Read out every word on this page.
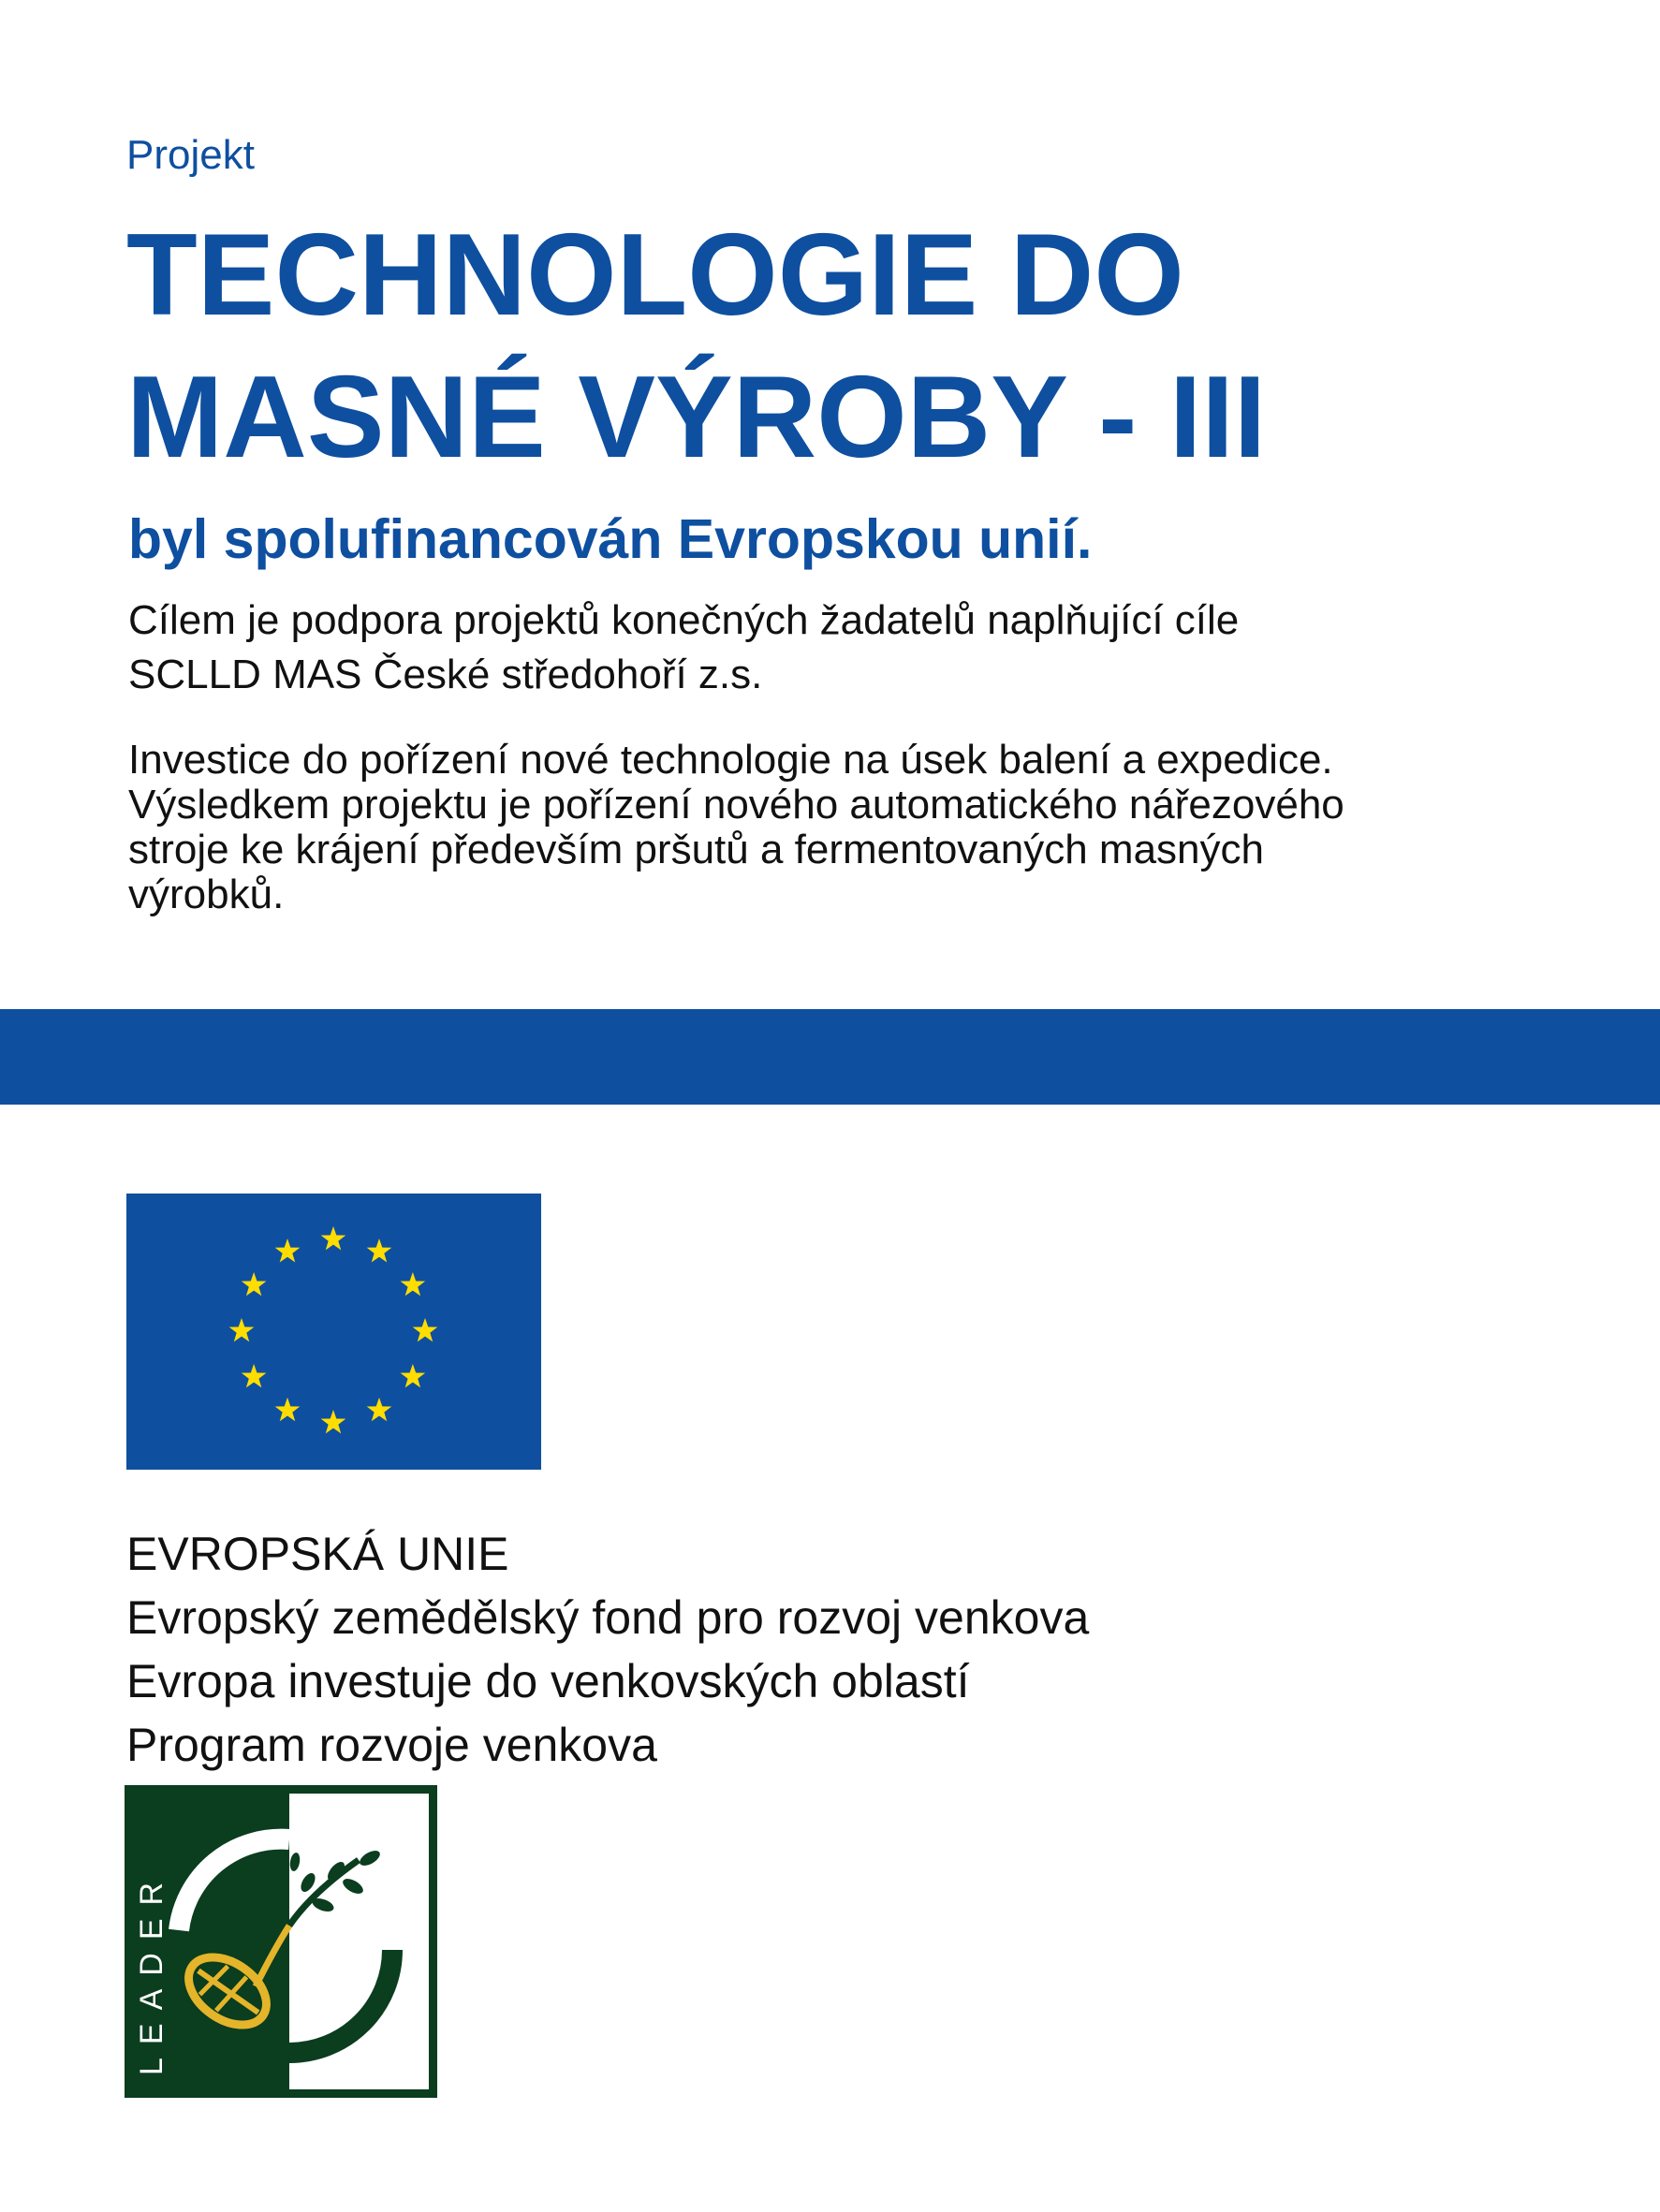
Projekt
TECHNOLOGIE DO
MASNÉ VÝROBY - III
byl spolufinancován Evropskou unií.
Cílem je podpora projektů konečných žadatelů naplňující cíle
SCLLD MAS České středohoří z.s.
Investice do pořízení nové technologie na úsek balení a expedice.
Výsledkem projektu je pořízení nového automatického nářezového
stroje ke krájení především pršutů a fermentovaných masných
výrobků.
EVROPSKÁ UNIE
Evropský zemědělský fond pro rozvoj venkova
Evropa investuje do venkovských oblastí
Program rozvoje venkova
LEADER
